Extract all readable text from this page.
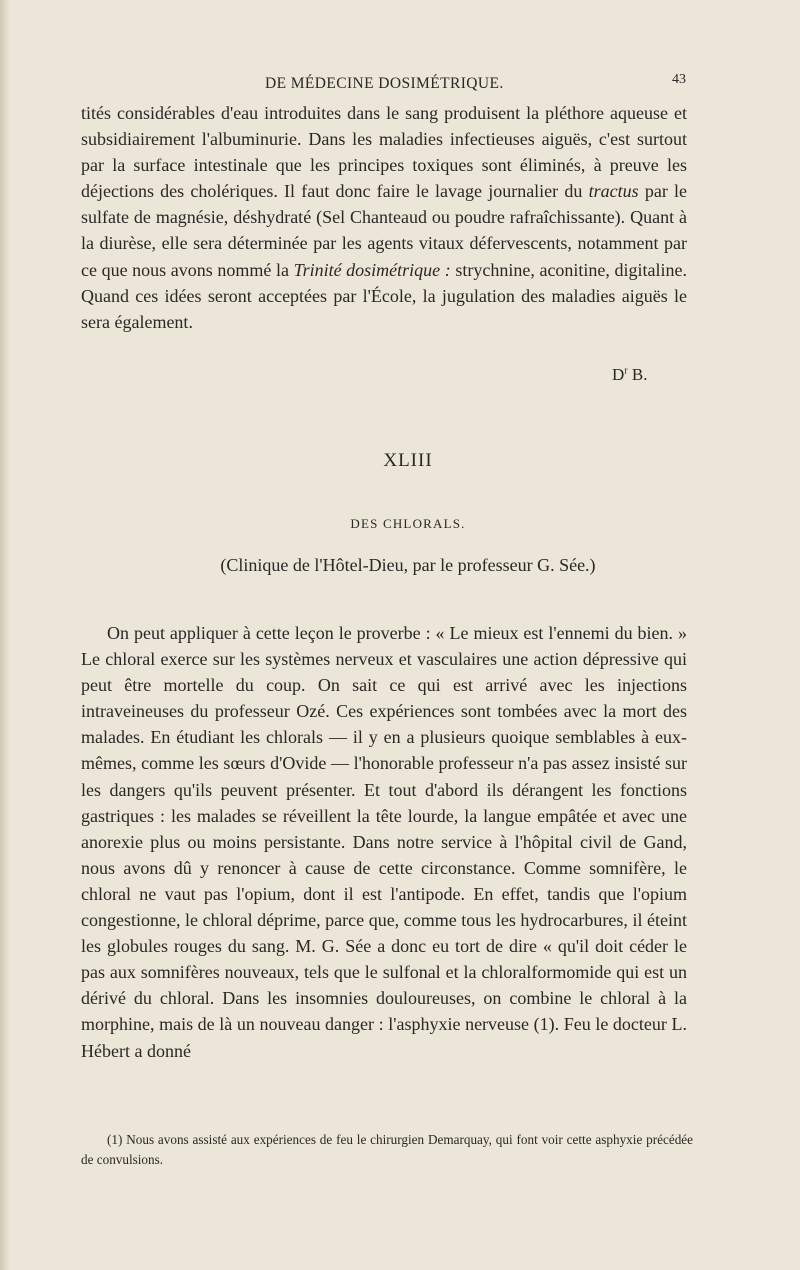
DE MÉDECINE DOSIMÉTRIQUE.	43

tités considérables d'eau introduites dans le sang produisent la pléthore aqueuse et subsidiairement l'albuminurie. Dans les maladies infectieuses aiguës, c'est surtout par la surface intestinale que les principes toxiques sont éliminés, à preuve les déjections des cholériques. Il faut donc faire le lavage journalier du tractus par le sulfate de magnésie, déshydraté (Sel Chanteaud ou poudre rafraîchissante). Quant à la diurèse, elle sera déterminée par les agents vitaux défervescents, notamment par ce que nous avons nommé la Trinité dosimétrique : strychnine, aconitine, digitaline. Quand ces idées seront acceptées par l'École, la jugulation des maladies aiguës le sera également.

$D^r$ B.
XLIII
DES CHLORALS.
(Clinique de l'Hôtel-Dieu, par le professeur G. Sée.)

On peut appliquer à cette leçon le proverbe : « Le mieux est l'ennemi du bien. » Le chloral exerce sur les systèmes nerveux et vasculaires une action dépressive qui peut être mortelle du coup. On sait ce qui est arrivé avec les injections intraveineuses du professeur Ozé. Ces expériences sont tombées avec la mort des malades. En étudiant les chlorals — il y en a plusieurs quoique semblables à eux-mêmes, comme les sœurs d'Ovide — l'honorable professeur n'a pas assez insisté sur les dangers qu'ils peuvent présenter. Et tout d'abord ils dérangent les fonctions gastriques : les malades se réveillent la tête lourde, la langue empâtée et avec une anorexie plus ou moins persistante. Dans notre service à l'hôpital civil de Gand, nous avons dû y renoncer à cause de cette circonstance. Comme somnifère, le chloral ne vaut pas l'opium, dont il est l'antipode. En effet, tandis que l'opium congestionne, le chloral déprime, parce que, comme tous les hydrocarbures, il éteint les globules rouges du sang. M. G. Sée a donc eu tort de dire « qu'il doit céder le pas aux somnifères nouveaux, tels que le sulfonal et la chloralformomide qui est un dérivé du chloral. Dans les insomnies douloureuses, on combine le chloral à la morphine, mais de là un nouveau danger : l'asphyxie nerveuse (1). Feu le docteur L. Hébert a donné

(1) Nous avons assisté aux expériences de feu le chirurgien Demarquay, qui font voir cette asphyxie précédée de convulsions.
